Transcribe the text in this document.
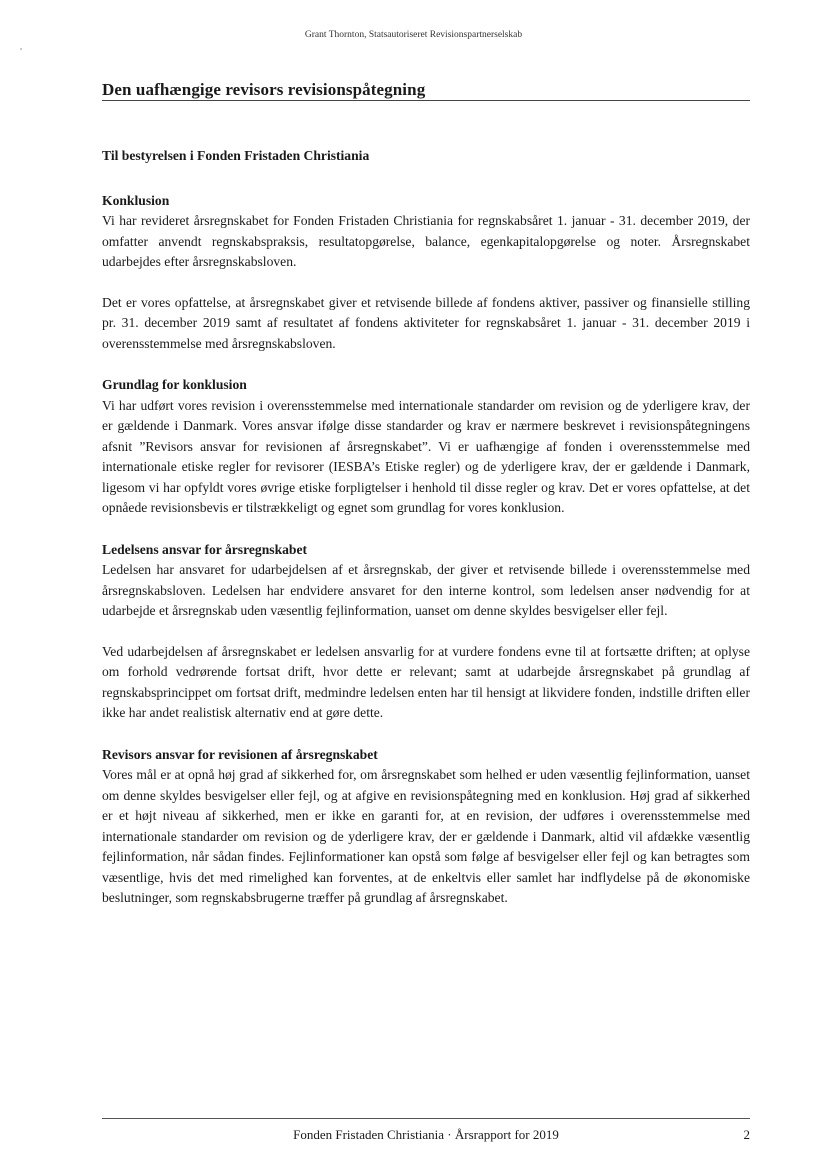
Grant Thornton, Statsautoriseret Revisionspartnerselskab
Den uafhængige revisors revisionspåtegning

Til bestyrelsen i Fonden Fristaden Christiania

Konklusion

Vi har revideret årsregnskabet for Fonden Fristaden Christiania for regnskabsåret 1. januar - 31. december 2019, der omfatter anvendt regnskabspraksis, resultatopgørelse, balance, egenkapitalopgørelse og noter. Årsregnskabet udarbejdes efter årsregnskabsloven.

Det er vores opfattelse, at årsregnskabet giver et retvisende billede af fondens aktiver, passiver og finansielle stilling pr. 31. december 2019 samt af resultatet af fondens aktiviteter for regnskabsåret 1. januar - 31. december 2019 i overensstemmelse med årsregnskabsloven.

Grundlag for konklusion

Vi har udført vores revision i overensstemmelse med internationale standarder om revision og de yderligere krav, der er gældende i Danmark. Vores ansvar ifølge disse standarder og krav er nærmere beskrevet i revisionspåtegningens afsnit ”Revisors ansvar for revisionen af årsregnskabet”. Vi er uafhængige af fonden i overensstemmelse med internationale etiske regler for revisorer (IESBA’s Etiske regler) og de yderligere krav, der er gældende i Danmark, ligesom vi har opfyldt vores øvrige etiske forpligtelser i henhold til disse regler og krav. Det er vores opfattelse, at det opnåede revisionsbevis er tilstrækkeligt og egnet som grundlag for vores konklusion.

Ledelsens ansvar for årsregnskabet

Ledelsen har ansvaret for udarbejdelsen af et årsregnskab, der giver et retvisende billede i overensstemmelse med årsregnskabsloven. Ledelsen har endvidere ansvaret for den interne kontrol, som ledelsen anser nødvendig for at udarbejde et årsregnskab uden væsentlig fejlinformation, uanset om denne skyldes besvigelser eller fejl.

Ved udarbejdelsen af årsregnskabet er ledelsen ansvarlig for at vurdere fondens evne til at fortsætte driften; at oplyse om forhold vedrørende fortsat drift, hvor dette er relevant; samt at udarbejde årsregnskabet på grundlag af regnskabsprincippet om fortsat drift, medmindre ledelsen enten har til hensigt at likvidere fonden, indstille driften eller ikke har andet realistisk alternativ end at gøre dette.

Revisors ansvar for revisionen af årsregnskabet

Vores mål er at opnå høj grad af sikkerhed for, om årsregnskabet som helhed er uden væsentlig fejlinformation, uanset om denne skyldes besvigelser eller fejl, og at afgive en revisionspåtegning med en konklusion. Høj grad af sikkerhed er et højt niveau af sikkerhed, men er ikke en garanti for, at en revision, der udføres i overensstemmelse med internationale standarder om revision og de yderligere krav, der er gældende i Danmark, altid vil afdække væsentlig fejlinformation, når sådan findes. Fejlinformationer kan opstå som følge af besvigelser eller fejl og kan betragtes som væsentlige, hvis det med rimelighed kan forventes, at de enkeltvis eller samlet har indflydelse på de økonomiske beslutninger, som regnskabsbrugerne træffer på grundlag af årsregnskabet.

Fonden Fristaden Christiania · Årsrapport for 2019	2
